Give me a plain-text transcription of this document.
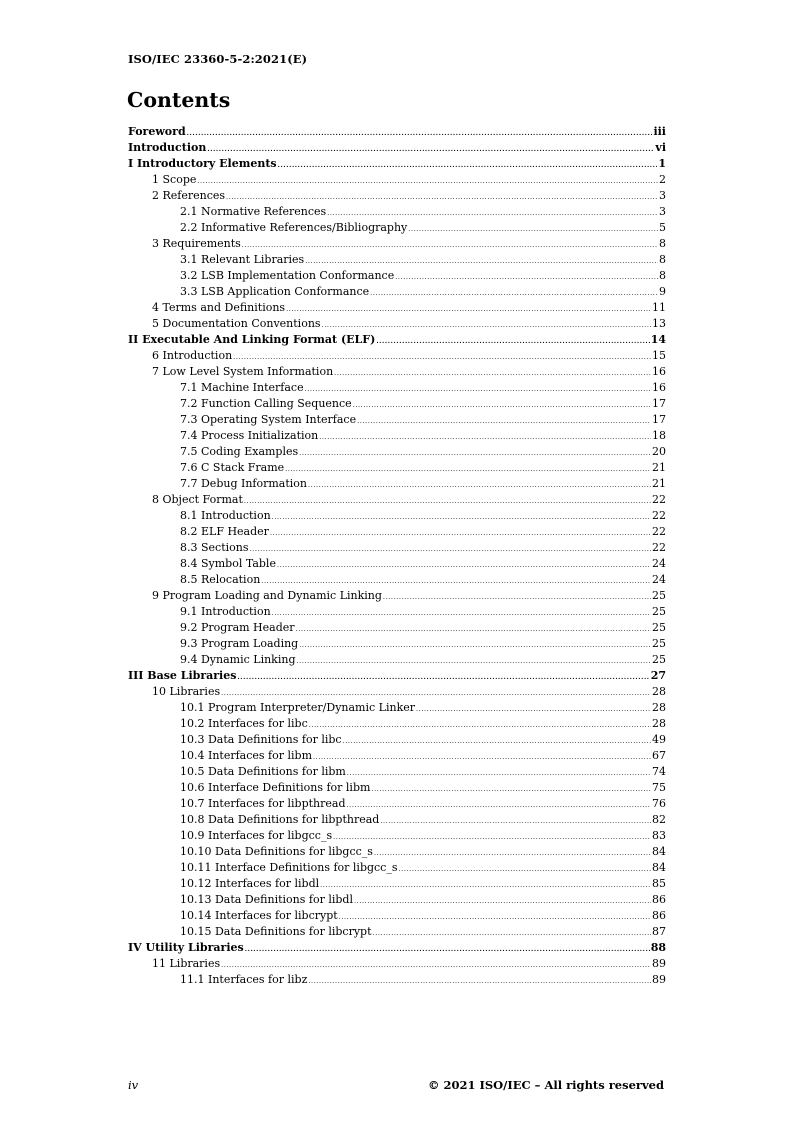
ISO/IEC 23360-5-2:2021(E)
Contents
Foreword .....	iii
Introduction .....	vi
I Introductory Elements .....	1
1 Scope .....	2
2 References .....	3
2.1 Normative References .....	3
2.2 Informative References/Bibliography .....	5
3 Requirements .....	8
3.1 Relevant Libraries .....	8
3.2 LSB Implementation Conformance .....	8
3.3 LSB Application Conformance .....	9
4 Terms and Definitions .....	11
5 Documentation Conventions .....	13
II Executable And Linking Format (ELF) .....	14
6 Introduction .....	15
7 Low Level System Information .....	16
7.1 Machine Interface .....	16
7.2 Function Calling Sequence .....	17
7.3 Operating System Interface .....	17
7.4 Process Initialization .....	18
7.5 Coding Examples .....	20
7.6 C Stack Frame .....	21
7.7 Debug Information .....	21
8 Object Format .....	22
8.1 Introduction .....	22
8.2 ELF Header .....	22
8.3 Sections .....	22
8.4 Symbol Table .....	24
8.5 Relocation .....	24
9 Program Loading and Dynamic Linking .....	25
9.1 Introduction .....	25
9.2 Program Header .....	25
9.3 Program Loading .....	25
9.4 Dynamic Linking .....	25
III Base Libraries .....	27
10 Libraries .....	28
10.1 Program Interpreter/Dynamic Linker .....	28
10.2 Interfaces for libc .....	28
10.3 Data Definitions for libc .....	49
10.4 Interfaces for libm .....	67
10.5 Data Definitions for libm .....	74
10.6 Interface Definitions for libm .....	75
10.7 Interfaces for libpthread .....	76
10.8 Data Definitions for libpthread .....	82
10.9 Interfaces for libgcc_s .....	83
10.10 Data Definitions for libgcc_s .....	84
10.11 Interface Definitions for libgcc_s .....	84
10.12 Interfaces for libdl .....	85
10.13 Data Definitions for libdl .....	86
10.14 Interfaces for libcrypt .....	86
10.15 Data Definitions for libcrypt .....	87
IV Utility Libraries .....	88
11 Libraries .....	89
11.1 Interfaces for libz .....	89
iv	© 2021 ISO/IEC – All rights reserved
